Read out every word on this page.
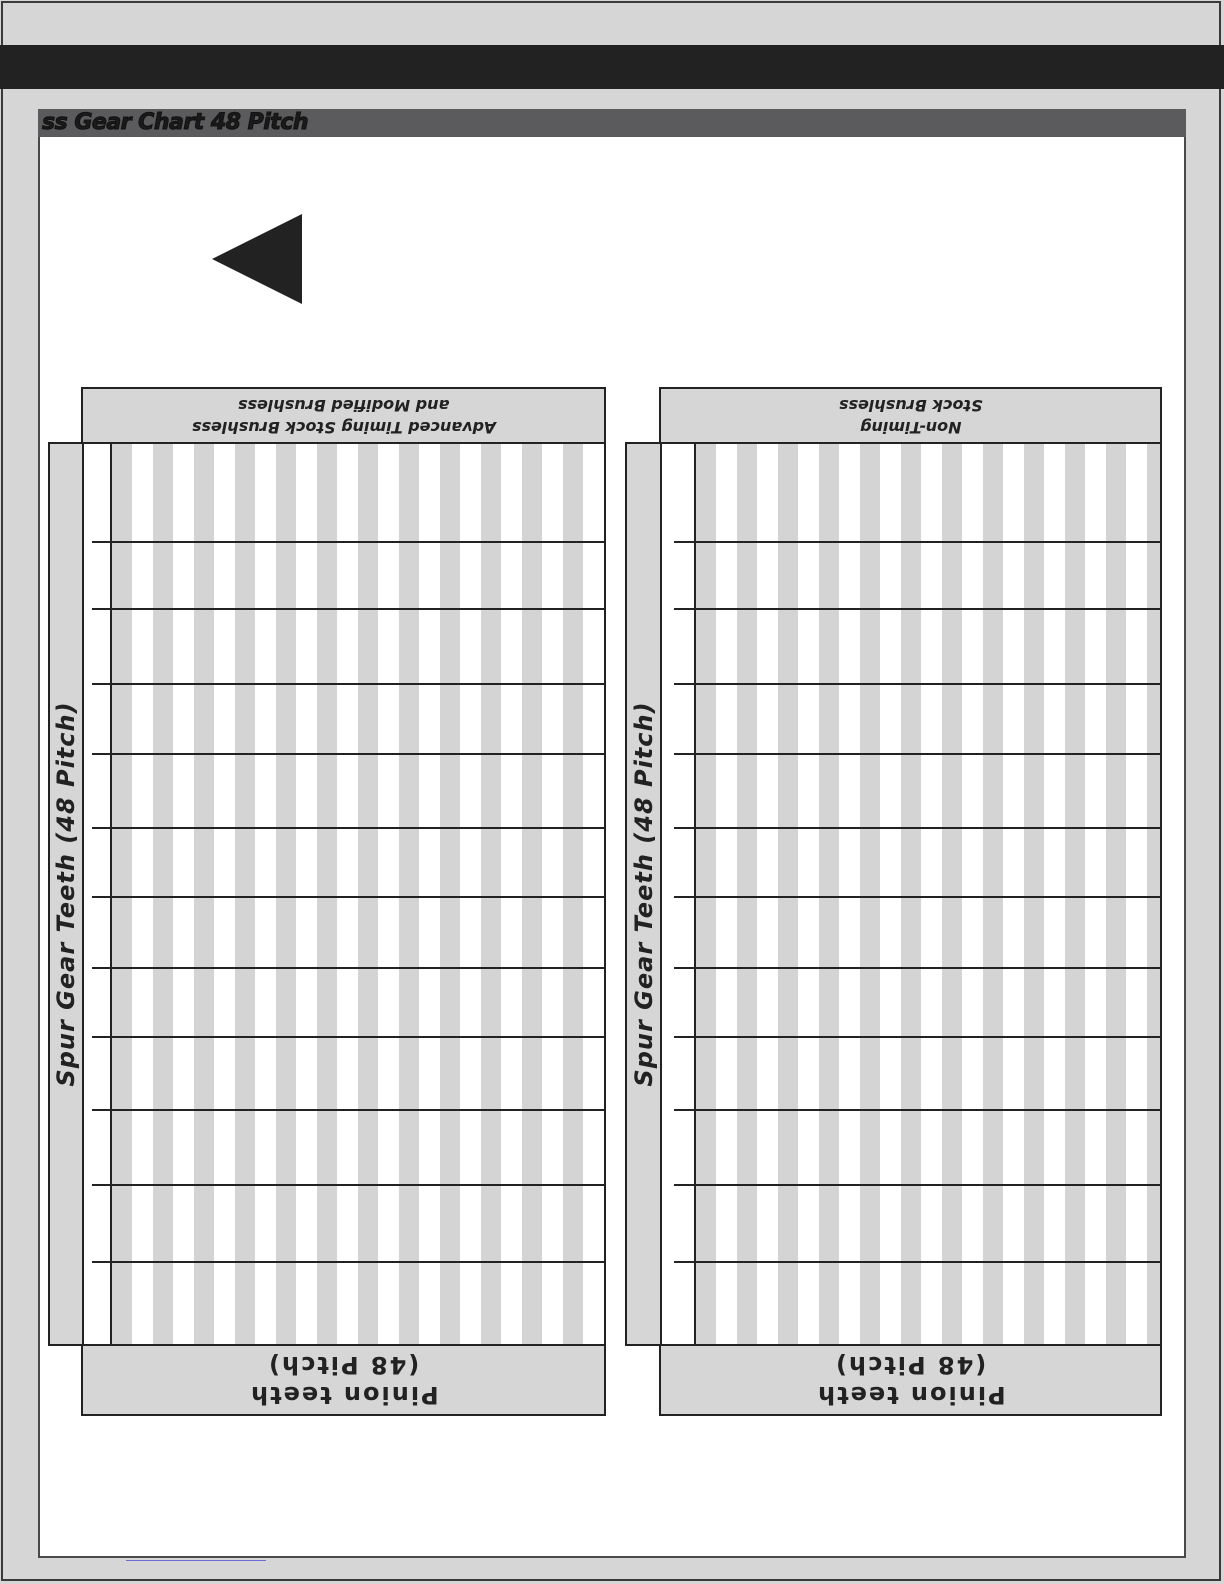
ss Gear Chart 48 Pitch
Advanced Timing Stock Brushless
and Modified Brushless
Spur Gear Teeth (48 Pitch)
Pinion teeth
(48 Pitch)
Non-Timing
Stock Brushless
Spur Gear Teeth (48 Pitch)
Pinion teeth
(48 Pitch)
